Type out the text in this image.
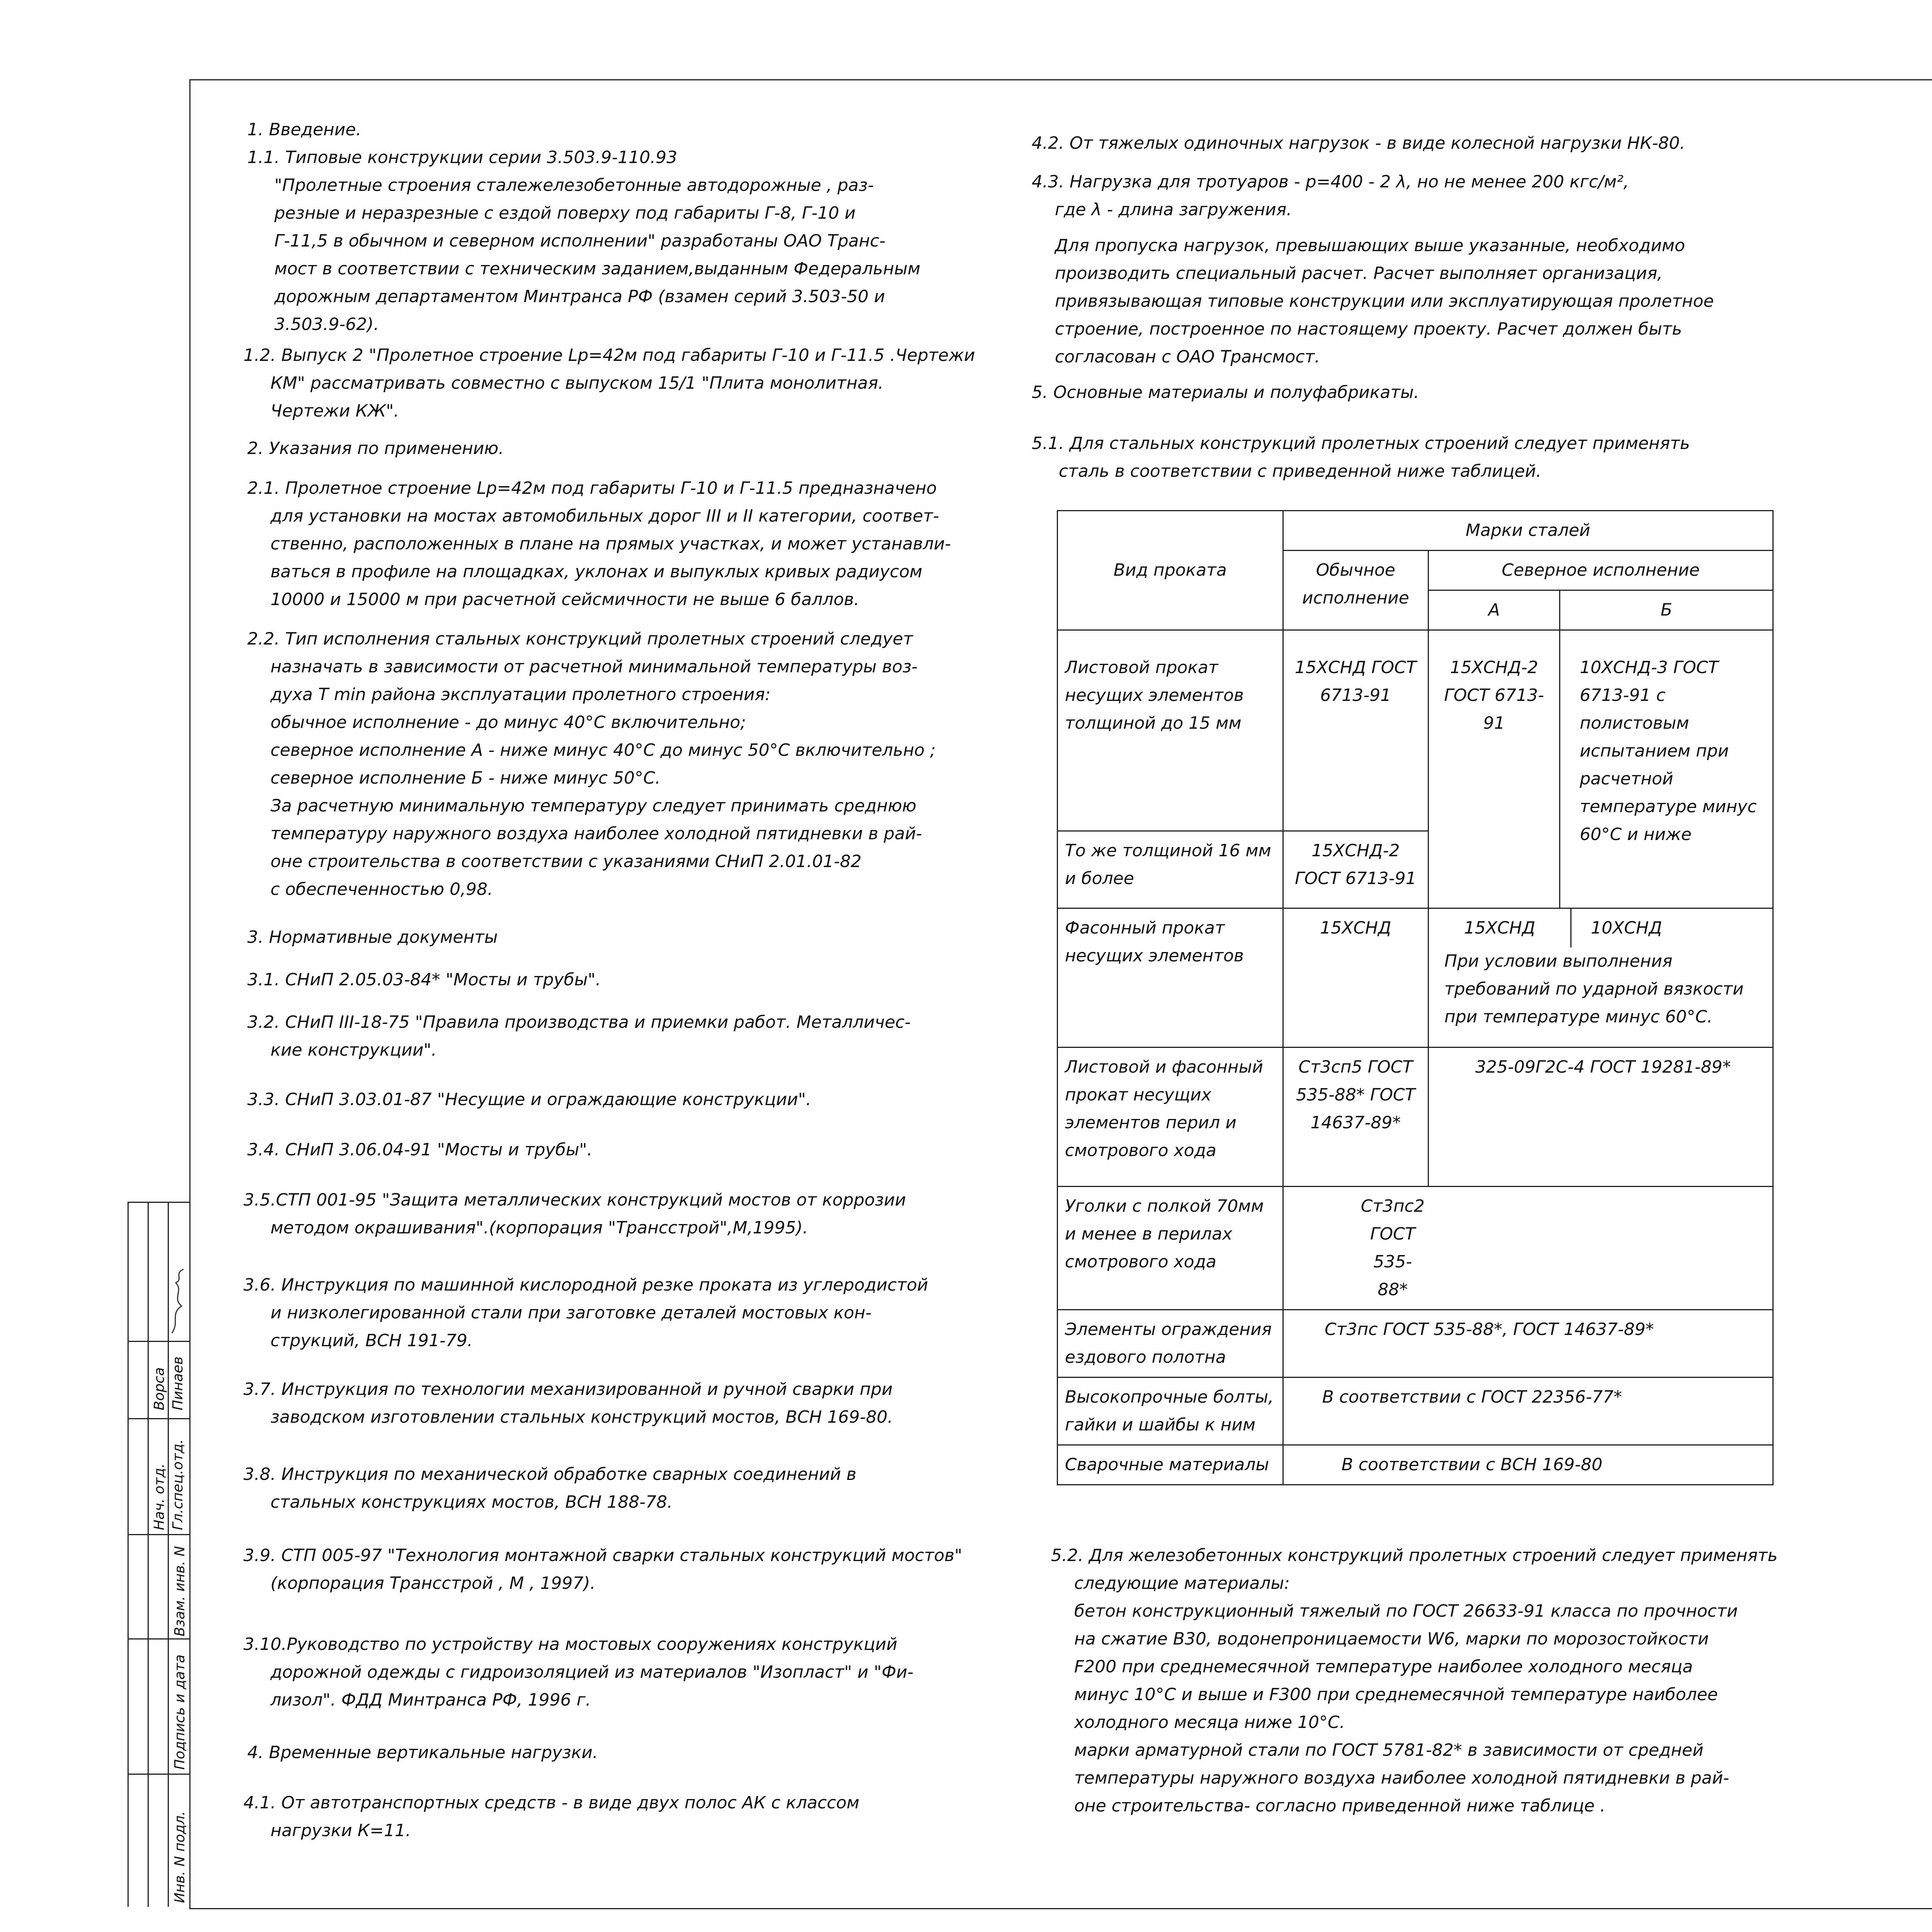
Ворса Пинаев
Нач. отд. Гл.спец.отд.
Взам. инв. N
Подпись и дата
Инв. N подл.
1. Введение.
1.1. Типовые конструкции серии 3.503.9-110.93
"Пролетные строения сталежелезобетонные автодорожные , раз-
резные и неразрезные с ездой поверху под габариты Г-8, Г-10 и
Г-11,5 в обычном и северном исполнении" разработаны ОАО Транс-
мост в соответствии с техническим заданием,выданным Федеральным
дорожным департаментом Минтранса РФ (взамен серий 3.503-50 и
3.503.9-62).
1.2. Выпуск 2 "Пролетное строение Lp=42м под габариты Г-10 и Г-11.5 .Чертежи
КМ" рассматривать совместно с выпуском 15/1 "Плита монолитная.
Чертежи КЖ".
2. Указания по применению.
2.1. Пролетное строение Lp=42м под габариты Г-10 и Г-11.5 предназначено
для установки на мостах автомобильных дорог III и II категории, соответ-
ственно, расположенных в плане на прямых участках, и может устанавли-
ваться в профиле на площадках, уклонах и выпуклых кривых радиусом
10000 и 15000 м при расчетной сейсмичности не выше 6 баллов.
2.2. Тип исполнения стальных конструкций пролетных строений следует
назначать в зависимости от расчетной минимальной температуры воз-
духа T min района эксплуатации пролетного строения:
обычное исполнение - до минус 40°С включительно;
северное исполнение А - ниже минус 40°С до минус 50°С включительно ;
северное исполнение Б - ниже минус 50°С.
За расчетную минимальную температуру следует принимать среднюю
температуру наружного воздуха наиболее холодной пятидневки в рай-
оне строительства в соответствии с указаниями СНиП 2.01.01-82
с обеспеченностью 0,98.
3. Нормативные документы
3.1. СНиП 2.05.03-84* "Мосты и трубы".
3.2. СНиП III-18-75 "Правила производства и приемки работ. Металличес-
кие конструкции".
3.3. СНиП 3.03.01-87 "Несущие и ограждающие конструкции".
3.4. СНиП 3.06.04-91 "Мосты и трубы".
3.5.СТП 001-95 "Защита металлических конструкций мостов от коррозии
методом окрашивания".(корпорация "Трансстрой",М,1995).
3.6. Инструкция по машинной кислородной резке проката из углеродистой
и низколегированной стали при заготовке деталей мостовых кон-
струкций, ВСН 191-79.
3.7. Инструкция по технологии механизированной и ручной сварки при
заводском изготовлении стальных конструкций мостов, ВСН 169-80.
3.8. Инструкция по механической обработке сварных соединений в
стальных конструкциях мостов, ВСН 188-78.
3.9. СТП 005-97 "Технология монтажной сварки стальных конструкций мостов"
(корпорация Трансстрой , М , 1997).
3.10.Руководство по устройству на мостовых сооружениях конструкций
дорожной одежды с гидроизоляцией из материалов "Изопласт" и "Фи-
лизол". ФДД Минтранса РФ, 1996 г.
4. Временные вертикальные нагрузки.
4.1. От автотранспортных средств - в виде двух полос АК с классом
нагрузки К=11.
4.2. От тяжелых одиночных нагрузок - в виде колесной нагрузки НК-80.
4.3. Нагрузка для тротуаров - p=400 - 2 λ, но не менее 200 кгс/м²,
где λ - длина загружения.
Для пропуска нагрузок, превышающих выше указанные, необходимо
производить специальный расчет. Расчет выполняет организация,
привязывающая типовые конструкции или эксплуатирующая пролетное
строение, построенное по настоящему проекту. Расчет должен быть
согласован с ОАО Трансмост.
5. Основные материалы и полуфабрикаты.
5.1. Для стальных конструкций пролетных строений следует применять
сталь в соответствии с приведенной ниже таблицей.
Вид проката	Марки сталей		
	Обычное исполнение	Северное исполнение	
		А	Б
Листовой прокат несущих элементов толщиной до 15 мм	15ХСНД ГОСТ 6713-91	15ХСНД-2 ГОСТ 6713-91	10ХСНД-3 ГОСТ 6713-91 с полистовым испытанием при расчетной температуре минус 60°С и ниже
То же толщиной 16 мм и более	15ХСНД-2 ГОСТ 6713-91		
Фасонный прокат несущих элементов	15ХСНД	15ХСНД 10ХСНД
При условии выполнения требований по ударной вязкости при температуре минус 60°С.	

Листовой и фасонный прокат несущих элементов перил и смотрового хода	Ст3сп5 ГОСТ 535-88* ГОСТ 14637-89*	325-09Г2С-4 ГОСТ 19281-89*	
Уголки с полкой 70мм и менее в перилах смотрового хода	Ст3пс2 ГОСТ 535-88*		
Элементы ограждения ездового полотна	Ст3пс ГОСТ 535-88*, ГОСТ 14637-89*		
Высокопрочные болты, гайки и шайбы к ним	В соответствии с ГОСТ 22356-77*		
Сварочные материалы	В соответствии с ВСН 169-80		
5.2. Для железобетонных конструкций пролетных строений следует применять
следующие материалы:
бетон конструкционный тяжелый по ГОСТ 26633-91 класса по прочности
на сжатие В30, водонепроницаемости W6, марки по морозостойкости
F200 при среднемесячной температуре наиболее холодного месяца
минус 10°С и выше и F300 при среднемесячной температуре наиболее
холодного месяца ниже 10°С.
марки арматурной стали по ГОСТ 5781-82* в зависимости от средней
температуры наружного воздуха наиболее холодной пятидневки в рай-
оне строительства- согласно приведенной ниже таблице .
